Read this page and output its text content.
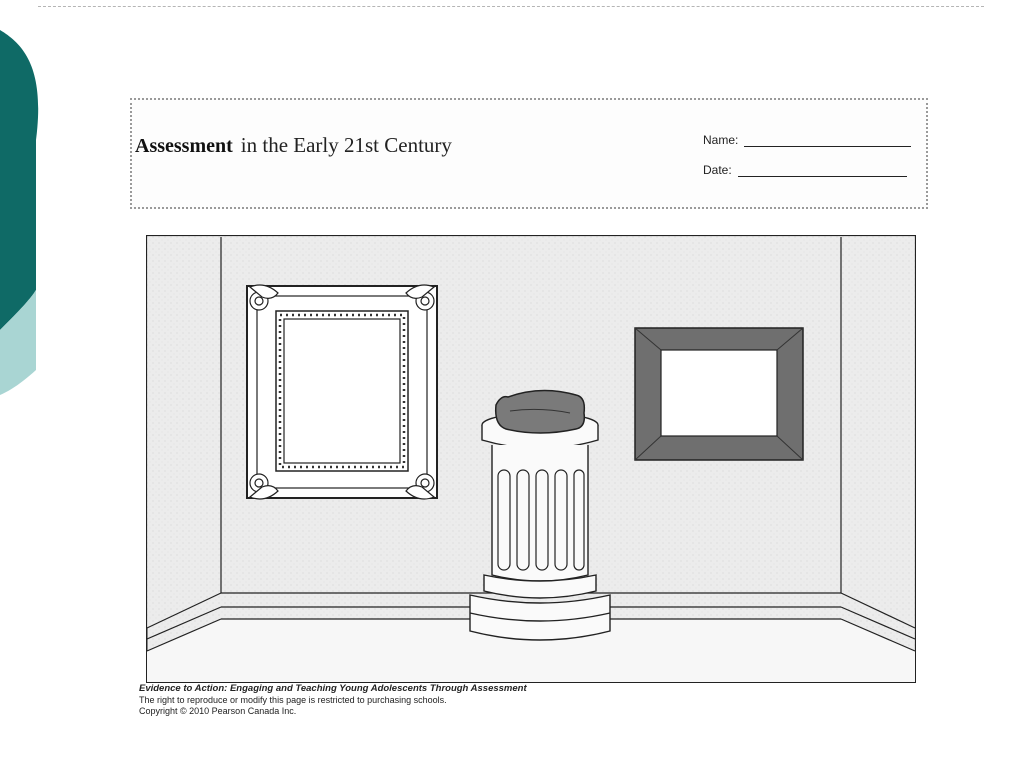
Assessment in the Early 21st Century	Name:
Date:
Evidence to Action: Engaging and Teaching Young Adolescents Through Assessment
The right to reproduce or modify this page is restricted to purchasing schools.
Copyright © 2010 Pearson Canada Inc.
